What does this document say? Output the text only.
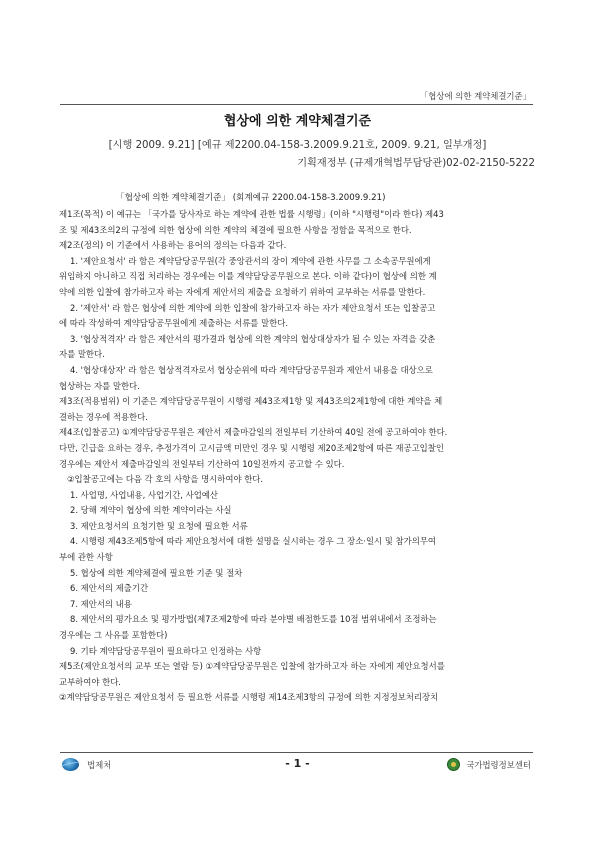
「협상에 의한 계약체결기준」
협상에 의한 계약체결기준
[시행 2009. 9.21] [예규 제2200.04-158-3.2009.9.21호, 2009. 9.21, 일부개정]
기획재정부 (규제개혁법무담당관)02-02-2150-5222
「협상에 의한 계약체결기준」 (회계예규 2200.04-158-3.2009.9.21)

제1조(목적) 이 예규는 「국가를 당사자로 하는 계약에 관한 법률 시행령」(이하 "시행령"이라 한다) 제43

조 및 제43조의2의 규정에 의한 협상에 의한 계약의 체결에 필요한 사항을 정함을 목적으로 한다.

제2조(정의) 이 기준에서 사용하는 용어의 정의는 다음과 같다.

1. '제안요청서' 라 함은 계약담당공무원(각 중앙관서의 장이 계약에 관한 사무를 그 소속공무원에게

위임하지 아니하고 직접 처리하는 경우에는 이를 계약담당공무원으로 본다. 이하 같다)이 협상에 의한 계

약에 의한 입찰에 참가하고자 하는 자에게 제안서의 제출을 요청하기 위하여 교부하는 서류를 말한다.

2. '제안서' 라 함은 협상에 의한 계약에 의한 입찰에 참가하고자 하는 자가 제안요청서 또는 입찰공고

에 따라 작성하여 계약담당공무원에게 제출하는 서류를 말한다.

3. '협상적격자' 라 함은 제안서의 평가결과 협상에 의한 계약의 협상대상자가 될 수 있는 자격을 갖춘

자를 말한다.

4. '협상대상자' 라 함은 협상적격자로서 협상순위에 따라 계약담당공무원과 제안서 내용을 대상으로

협상하는 자를 말한다.

제3조(적용범위) 이 기준은 계약담당공무원이 시행령 제43조제1항 및 제43조의2제1항에 대한 계약을 체

결하는 경우에 적용한다.

제4조(입찰공고) ①계약담당공무원은 제안서 제출마감일의 전일부터 기산하여 40일 전에 공고하여야 한다.

다만, 긴급을 요하는 경우, 추정가격이 고시금액 미만인 경우 및 시행령 제20조제2항에 따른 재공고입찰인

경우에는 제안서 제출마감일의 전일부터 기산하여 10일전까지 공고할 수 있다.

②입찰공고에는 다음 각 호의 사항을 명시하여야 한다.

1. 사업명, 사업내용, 사업기간, 사업예산

2. 당해 계약이 협상에 의한 계약이라는 사실

3. 제안요청서의 요청기한 및 요청에 필요한 서류

4. 시행령 제43조제5항에 따라 제안요청서에 대한 설명을 실시하는 경우 그 장소·일시 및 참가의무여

부에 관한 사항

5. 협상에 의한 계약체결에 필요한 기준 및 절차

6. 제안서의 제출기간

7. 제안서의 내용

8. 제안서의 평가요소 및 평가방법(제7조제2항에 따라 분야별 배점한도를 10점 범위내에서 조정하는

경우에는 그 사유를 포함한다)

9. 기타 계약담당공무원이 필요하다고 인정하는 사항

제5조(제안요청서의 교부 또는 열람 등) ①계약담당공무원은 입찰에 참가하고자 하는 자에게 제안요청서를

교부하여야 한다.

②계약담당공무원은 제안요청서 등 필요한 서류를 시행령 제14조제3항의 규정에 의한 지정정보처리장치

법제처	- 1 -	국가법령정보센터
